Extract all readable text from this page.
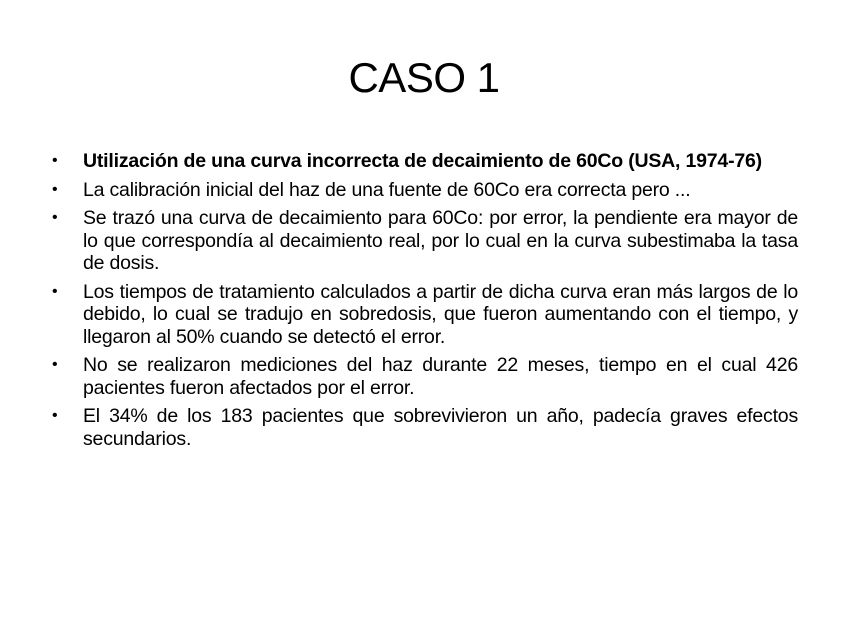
CASO 1
• Utilización de una curva incorrecta de decaimiento de 60Co (USA, 1974-76)
• La calibración inicial del haz de una fuente de 60Co era correcta pero ...
• Se trazó una curva de decaimiento para 60Co: por error, la pendiente era mayor de lo que correspondía al decaimiento real, por lo cual en la curva subestimaba la tasa de dosis.
• Los tiempos de tratamiento calculados a partir de dicha curva eran más largos de lo debido, lo cual se tradujo en sobredosis, que fueron aumentando con el tiempo, y llegaron al 50% cuando se detectó el error.
• No se realizaron mediciones del haz durante 22 meses, tiempo en el cual 426 pacientes fueron afectados por el error.
• El 34% de los 183 pacientes que sobrevivieron un año, padecía graves efectos secundarios.
